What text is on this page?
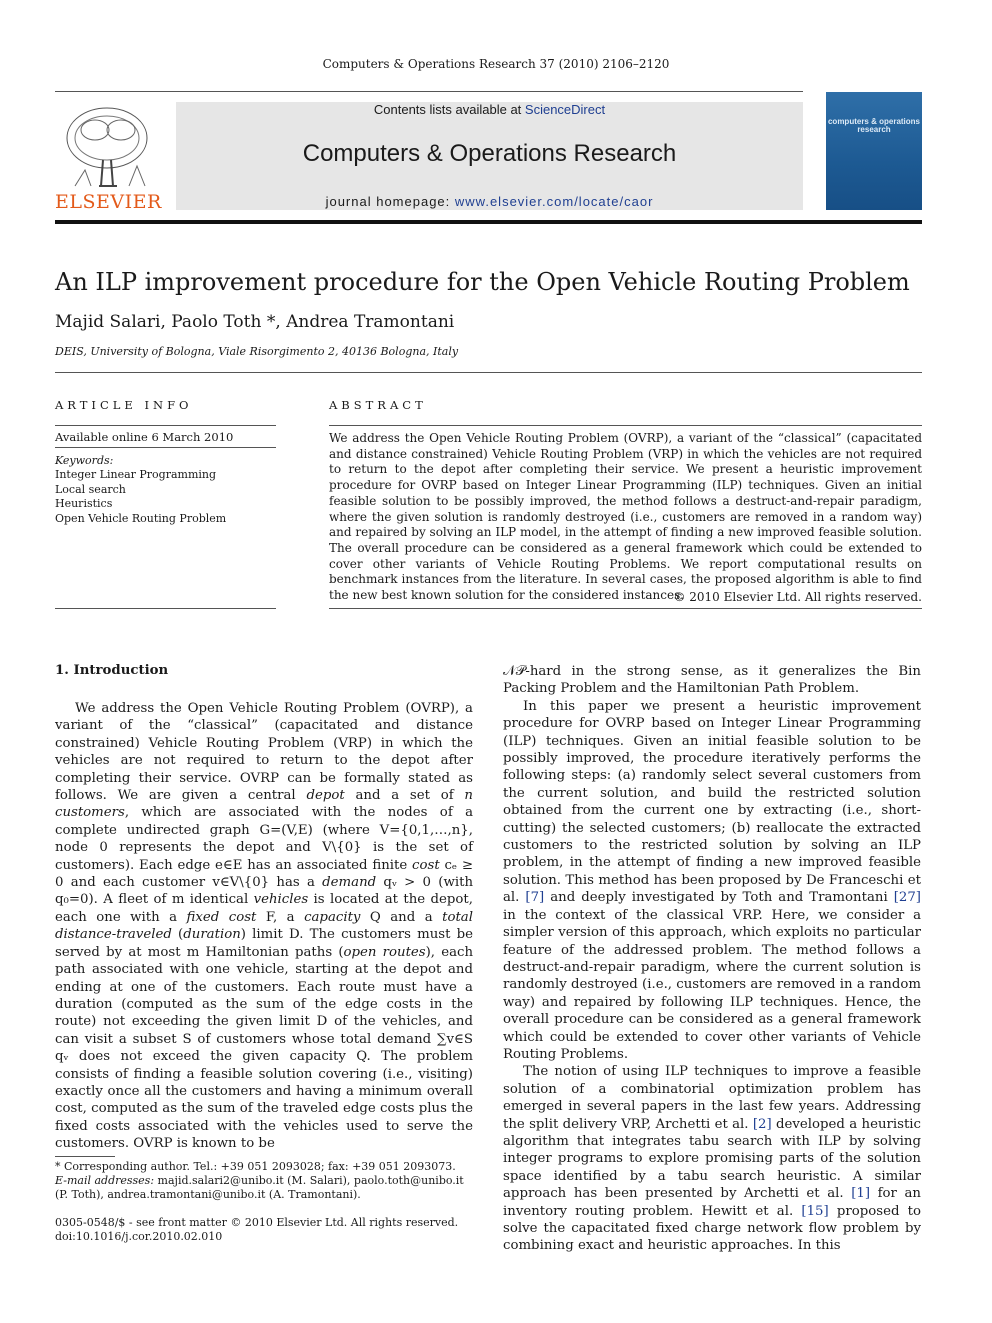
Computers & Operations Research 37 (2010) 2106–2120
ELSEVIER
Contents lists available at ScienceDirect
Computers & Operations Research
journal homepage: www.elsevier.com/locate/caor
computers & operations research
An ILP improvement procedure for the Open Vehicle Routing Problem
Majid Salari, Paolo Toth *, Andrea Tramontani
DEIS, University of Bologna, Viale Risorgimento 2, 40136 Bologna, Italy
ARTICLE INFO
Available online 6 March 2010
Keywords:
Integer Linear Programming
Local search
Heuristics
Open Vehicle Routing Problem
ABSTRACT
We address the Open Vehicle Routing Problem (OVRP), a variant of the “classical” (capacitated and distance constrained) Vehicle Routing Problem (VRP) in which the vehicles are not required to return to the depot after completing their service. We present a heuristic improvement procedure for OVRP based on Integer Linear Programming (ILP) techniques. Given an initial feasible solution to be possibly improved, the method follows a destruct-and-repair paradigm, where the given solution is randomly destroyed (i.e., customers are removed in a random way) and repaired by solving an ILP model, in the attempt of finding a new improved feasible solution. The overall procedure can be considered as a general framework which could be extended to cover other variants of Vehicle Routing Problems. We report computational results on benchmark instances from the literature. In several cases, the proposed algorithm is able to find the new best known solution for the considered instances.
© 2010 Elsevier Ltd. All rights reserved.
1. Introduction

We address the Open Vehicle Routing Problem (OVRP), a variant of the “classical” (capacitated and distance constrained) Vehicle Routing Problem (VRP) in which the vehicles are not required to return to the depot after completing their service. OVRP can be formally stated as follows. We are given a central depot and a set of n customers, which are associated with the nodes of a complete undirected graph G=(V,E) (where V={0,1,…,n}, node 0 represents the depot and V\{0} is the set of customers). Each edge e∈E has an associated finite cost cₑ ≥ 0 and each customer v∈V\{0} has a demand qᵥ > 0 (with q₀=0). A fleet of m identical vehicles is located at the depot, each one with a fixed cost F, a capacity Q and a total distance-traveled (duration) limit D. The customers must be served by at most m Hamiltonian paths (open routes), each path associated with one vehicle, starting at the depot and ending at one of the customers. Each route must have a duration (computed as the sum of the edge costs in the route) not exceeding the given limit D of the vehicles, and can visit a subset S of customers whose total demand ∑v∈S qᵥ does not exceed the given capacity Q. The problem consists of finding a feasible solution covering (i.e., visiting) exactly once all the customers and having a minimum overall cost, computed as the sum of the traveled edge costs plus the fixed costs associated with the vehicles used to serve the customers. OVRP is known to be

𝒩𝒫-hard in the strong sense, as it generalizes the Bin Packing Problem and the Hamiltonian Path Problem.

In this paper we present a heuristic improvement procedure for OVRP based on Integer Linear Programming (ILP) techniques. Given an initial feasible solution to be possibly improved, the procedure iteratively performs the following steps: (a) randomly select several customers from the current solution, and build the restricted solution obtained from the current one by extracting (i.e., short-cutting) the selected customers; (b) reallocate the extracted customers to the restricted solution by solving an ILP problem, in the attempt of finding a new improved feasible solution. This method has been proposed by De Franceschi et al. [7] and deeply investigated by Toth and Tramontani [27] in the context of the classical VRP. Here, we consider a simpler version of this approach, which exploits no particular feature of the addressed problem. The method follows a destruct-and-repair paradigm, where the current solution is randomly destroyed (i.e., customers are removed in a random way) and repaired by following ILP techniques. Hence, the overall procedure can be considered as a general framework which could be extended to cover other variants of Vehicle Routing Problems.

The notion of using ILP techniques to improve a feasible solution of a combinatorial optimization problem has emerged in several papers in the last few years. Addressing the split delivery VRP, Archetti et al. [2] developed a heuristic algorithm that integrates tabu search with ILP by solving integer programs to explore promising parts of the solution space identified by a tabu search heuristic. A similar approach has been presented by Archetti et al. [1] for an inventory routing problem. Hewitt et al. [15] proposed to solve the capacitated fixed charge network flow problem by combining exact and heuristic approaches. In this

* Corresponding author. Tel.: +39 051 2093028; fax: +39 051 2093073.
E-mail addresses: majid.salari2@unibo.it (M. Salari), paolo.toth@unibo.it (P. Toth), andrea.tramontani@unibo.it (A. Tramontani).
0305-0548/$ - see front matter © 2010 Elsevier Ltd. All rights reserved.
doi:10.1016/j.cor.2010.02.010
